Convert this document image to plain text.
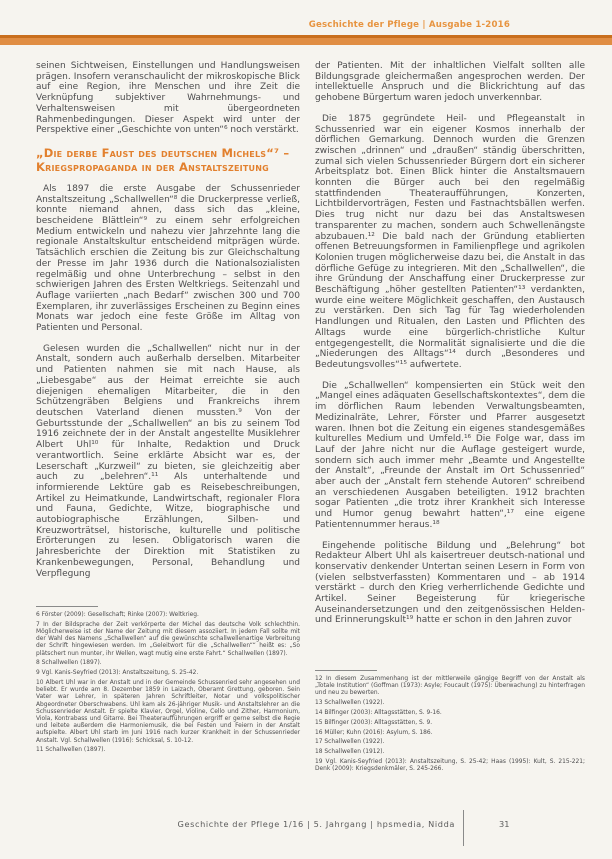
Geschichte der Pflege | Ausgabe 1-2016

seinen Sichtweisen, Einstellungen und Handlungsweisen prägen. Insofern veranschaulicht der mikroskopische Blick auf eine Region, ihre Menschen und ihre Zeit die Verknüpfung subjektiver Wahrnehmungs- und Verhaltensweisen mit übergeordneten Rahmenbedingungen. Dieser Aspekt wird unter der Perspektive einer „Geschichte von unten“⁶ noch verstärkt.

„Die derbe Faust des deutschen Michels“⁷ – Kriegspropaganda in der Anstaltszeitung

Als 1897 die erste Ausgabe der Schussenrieder Anstaltszeitung „Schallwellen“⁸ die Druckerpresse verließ, konnte niemand ahnen, dass sich das „kleine, bescheidene Blättlein“⁹ zu einem sehr erfolgreichen Medium entwickeln und nahezu vier Jahrzehnte lang die regionale Anstaltskultur entscheidend mitprägen würde. Tatsächlich erschien die Zeitung bis zur Gleichschaltung der Presse im Jahr 1936 durch die Nationalsozialisten regelmäßig und ohne Unterbrechung – selbst in den schwierigen Jahren des Ersten Weltkriegs. Seitenzahl und Auflage variierten „nach Bedarf“ zwischen 300 und 700 Exemplaren, ihr zuverlässiges Erscheinen zu Beginn eines Monats war jedoch eine feste Größe im Alltag von Patienten und Personal.

Gelesen wurden die „Schallwellen“ nicht nur in der Anstalt, sondern auch außerhalb derselben. Mitarbeiter und Patienten nahmen sie mit nach Hause, als „Liebesgabe“ aus der Heimat erreichte sie auch diejenigen ehemaligen Mitarbeiter, die in den Schützengräben Belgiens und Frankreichs ihrem deutschen Vaterland dienen mussten.⁹ Von der Geburtsstunde der „Schallwellen“ an bis zu seinem Tod 1916 zeichnete der in der Anstalt angestellte Musiklehrer Albert Uhl¹⁰ für Inhalte, Redaktion und Druck verantwortlich. Seine erklärte Absicht war es, der Leserschaft „Kurzweil“ zu bieten, sie gleichzeitig aber auch zu „belehren“.¹¹ Als unterhaltende und informierende Lektüre gab es Reisebeschreibungen, Artikel zu Heimatkunde, Landwirtschaft, regionaler Flora und Fauna, Gedichte, Witze, biographische und autobiographische Erzählungen, Silben- und Kreuzworträtsel, historische, kulturelle und politische Erörterungen zu lesen. Obligatorisch waren die Jahresberichte der Direktion mit Statistiken zu Krankenbewegungen, Personal, Behandlung und Verpflegung

der Patienten. Mit der inhaltlichen Vielfalt sollten alle Bildungsgrade gleichermaßen angesprochen werden. Der intellektuelle Anspruch und die Blickrichtung auf das gehobene Bürgertum waren jedoch unverkennbar.

Die 1875 gegründete Heil- und Pflegeanstalt in Schussenried war ein eigener Kosmos innerhalb der dörflichen Gemarkung. Dennoch wurden die Grenzen zwischen „drinnen“ und „draußen“ ständig überschritten, zumal sich vielen Schussenrieder Bürgern dort ein sicherer Arbeitsplatz bot. Einen Blick hinter die Anstaltsmauern konnten die Bürger auch bei den regelmäßig stattfindenden Theateraufführungen, Konzerten, Lichtbildervorträgen, Festen und Fastnachtsbällen werfen. Dies trug nicht nur dazu bei das Anstaltswesen transparenter zu machen, sondern auch Schwellenängste abzubauen.¹² Die bald nach der Gründung etablierten offenen Betreuungsformen in Familienpflege und agrikolen Kolonien trugen möglicherweise dazu bei, die Anstalt in das dörfliche Gefüge zu integrieren. Mit den „Schallwellen“, die ihre Gründung der Anschaffung einer Druckerpresse zur Beschäftigung „höher gestellten Patienten“¹³ verdankten, wurde eine weitere Möglichkeit geschaffen, den Austausch zu verstärken. Den sich Tag für Tag wiederholenden Handlungen und Ritualen, den Lasten und Pflichten des Alltags wurde eine bürgerlich-christliche Kultur entgegengestellt, die Normalität signalisierte und die die „Niederungen des Alltags“¹⁴ durch „Besonderes und Bedeutungsvolles“¹⁵ aufwertete.

Die „Schallwellen“ kompensierten ein Stück weit den „Mangel eines adäquaten Gesellschaftskontextes“, dem die im dörflichen Raum lebenden Verwaltungsbeamten, Medizinalräte, Lehrer, Förster und Pfarrer ausgesetzt waren. Ihnen bot die Zeitung ein eigenes standesgemäßes kulturelles Medium und Umfeld.¹⁶ Die Folge war, dass im Lauf der Jahre nicht nur die Auflage gesteigert wurde, sondern sich auch immer mehr „Beamte und Angestellte der Anstalt“, „Freunde der Anstalt im Ort Schussenried“ aber auch der „Anstalt fern stehende Autoren“ schreibend an verschiedenen Ausgaben beteiligten. 1912 brachten sogar Patienten „die trotz ihrer Krankheit sich Interesse und Humor genug bewahrt hatten“,¹⁷ eine eigene Patientennummer heraus.¹⁸

Eingehende politische Bildung und „Belehrung“ bot Redakteur Albert Uhl als kaisertreuer deutsch-national und konservativ denkender Untertan seinen Lesern in Form von (vielen selbstverfassten) Kommentaren und – ab 1914 verstärkt – durch den Krieg verherrlichende Gedichte und Artikel. Seiner Begeisterung für kriegerische Auseinandersetzungen und den zeitgenössischen Helden- und Erinnerungskult¹⁹ hatte er schon in den Jahren zuvor

6 Förster (2009): Gesellschaft; Rinke (2007): Weltkrieg.
7 In der Bildsprache der Zeit verkörperte der Michel das deutsche Volk schlechthin. Möglicherweise ist der Name der Zeitung mit diesem assoziiert. In jedem Fall sollte mit der Wahl des Namens „Schallwellen“ auf die gewünschte schallwellenartige Verbreitung der Schrift hingewiesen werden. Im „Geleitwort für die „Schallwellen““ heißt es: „So plätschert nun munter, ihr Wellen, wagt mutig eine erste Fahrt.“ Schallwellen (1897).
8 Schallwellen (1897).
9 Vgl. Kanis-Seyfried (2013): Anstaltszeitung, S. 25-42.
10 Albert Uhl war in der Anstalt und in der Gemeinde Schussenried sehr angesehen und beliebt. Er wurde am 8. Dezember 1859 in Laizach, Oberamt Grettung, geboren. Sein Vater war Lehrer, in späteren Jahren Schriftleiter, Notar und volkspolitischer Abgeordneter Oberschwabens. Uhl kam als 26-jähriger Musik- und Anstaltslehrer an die Schussenrieder Anstalt. Er spielte Klavier, Orgel, Violine, Cello und Zither, Harmonium, Viola, Kontrabass und Gitarre. Bei Theateraufführungen ergriff er gerne selbst die Regie und leitete außerdem die Harmoniemusik, die bei Festen und Feiern in der Anstalt aufspielte. Albert Uhl starb im Juni 1916 nach kurzer Krankheit in der Schussenrieder Anstalt. Vgl. Schallwellen (1916): Schicksal, S. 10-12.
11 Schallwellen (1897).
12 In diesem Zusammenhang ist der mittlerweile gängige Begriff von der Anstalt als „Totale Institution“ (Goffman (1973): Asyle; Foucault (1975): Überwachung) zu hinterfragen und neu zu bewerten.
13 Schallwellen (1922).
14 Bilfinger (2003): Alltagsstätten, S. 9-16.
15 Bilfinger (2003): Alltagsstätten, S. 9.
16 Müller; Kuhn (2016): Asylum, S. 186.
17 Schallwellen (1922).
18 Schallwellen (1912).
19 Vgl. Kanis-Seyfried (2013): Anstaltszeitung, S. 25-42; Haas (1995): Kult, S. 215-221; Denk (2009): Kriegsdenkmäler, S. 245-266.
Geschichte der Pflege 1/16 | 5. Jahrgang | hpsmedia, Nidda	31
